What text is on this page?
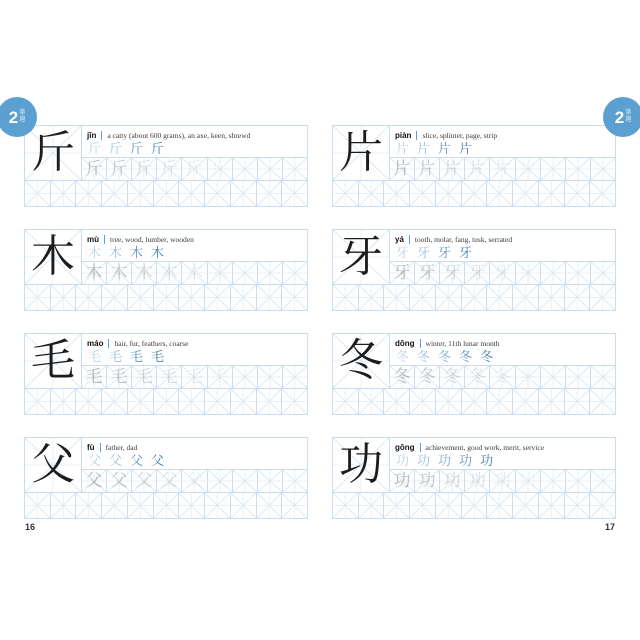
2 第
週	2 第
週
斤	jīn a catty (about 600 grams), an axe, keen, shrewd
斤 斤 斤 斤
斤 斤 斤 斤 斤 斤
木	mù tree, wood, lumber, wooden
木 木 木 木
木 木 木 木 木 木
毛	máo hair, fur, feathers, coarse
毛 毛 毛 毛
毛 毛 毛 毛 毛 毛
父	fù father, dad
父 父 父 父
父 父 父 父 父 父
16
片	piàn slice, splinter, page, strip
片 片 片 片
片 片 片 片 片 片
牙	yá tooth, molar, fang, tusk, serrated
牙 牙 牙 牙
牙 牙 牙 牙 牙 牙
冬	dōng winter, 11th lunar month
冬 冬 冬 冬 冬
冬 冬 冬 冬 冬 冬
功	gōng achievement, good work, merit, service
功 功 功 功 功
功 功 功 功 功 功
17
